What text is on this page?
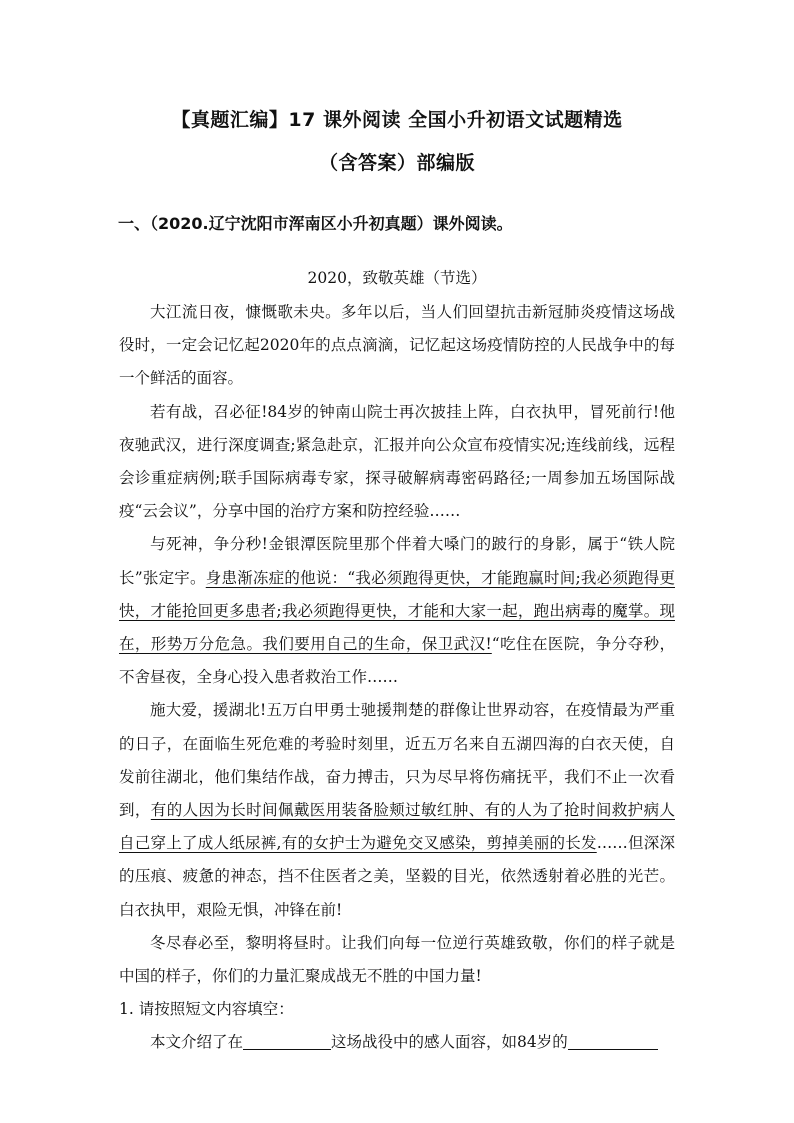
【真题汇编】17 课外阅读 全国小升初语文试题精选
（含答案）部编版
一、（2020.辽宁沈阳市浑南区小升初真题）课外阅读。
2020，致敬英雄（节选）

大江流日夜，慷慨歌未央。多年以后，当人们回望抗击新冠肺炎疫情这场战役时，一定会记忆起2020年的点点滴滴，记忆起这场疫情防控的人民战争中的每一个鲜活的面容。

若有战，召必征!84岁的钟南山院士再次披挂上阵，白衣执甲，冒死前行!他夜驰武汉，进行深度调查;紧急赴京，汇报并向公众宣布疫情实况;连线前线，远程会诊重症病例;联手国际病毒专家，探寻破解病毒密码路径;一周参加五场国际战疫“云会议”，分享中国的治疗方案和防控经验……

与死神，争分秒!金银潭医院里那个伴着大嗓门的跛行的身影，属于“铁人院长”张定宇。身患渐冻症的他说：“我必须跑得更快，才能跑赢时间;我必须跑得更快，才能抢回更多患者;我必须跑得更快，才能和大家一起，跑出病毒的魔掌。现在，形势万分危急。我们要用自己的生命，保卫武汉!“吃住在医院，争分夺秒，不舍昼夜，全身心投入患者救治工作……

施大爱，援湖北!五万白甲勇士驰援荆楚的群像让世界动容，在疫情最为严重的日子，在面临生死危难的考验时刻里，近五万名来自五湖四海的白衣天使，自发前往湖北，他们集结作战，奋力搏击，只为尽早将伤痛抚平，我们不止一次看到，有的人因为长时间佩戴医用装备脸颊过敏红肿、有的人为了抢时间救护病人自己穿上了成人纸尿裤,有的女护士为避免交叉感染，剪掉美丽的长发……但深深的压痕、疲惫的神态，挡不住医者之美，坚毅的目光，依然透射着必胜的光芒。白衣执甲，艰险无惧，冲锋在前!

冬尽春必至，黎明将昼时。让我们向每一位逆行英雄致敬，你们的样子就是中国的样子，你们的力量汇聚成战无不胜的中国力量!

1. 请按照短文内容填空：

本文介绍了在	这场战役中的感人面容，如84岁的
